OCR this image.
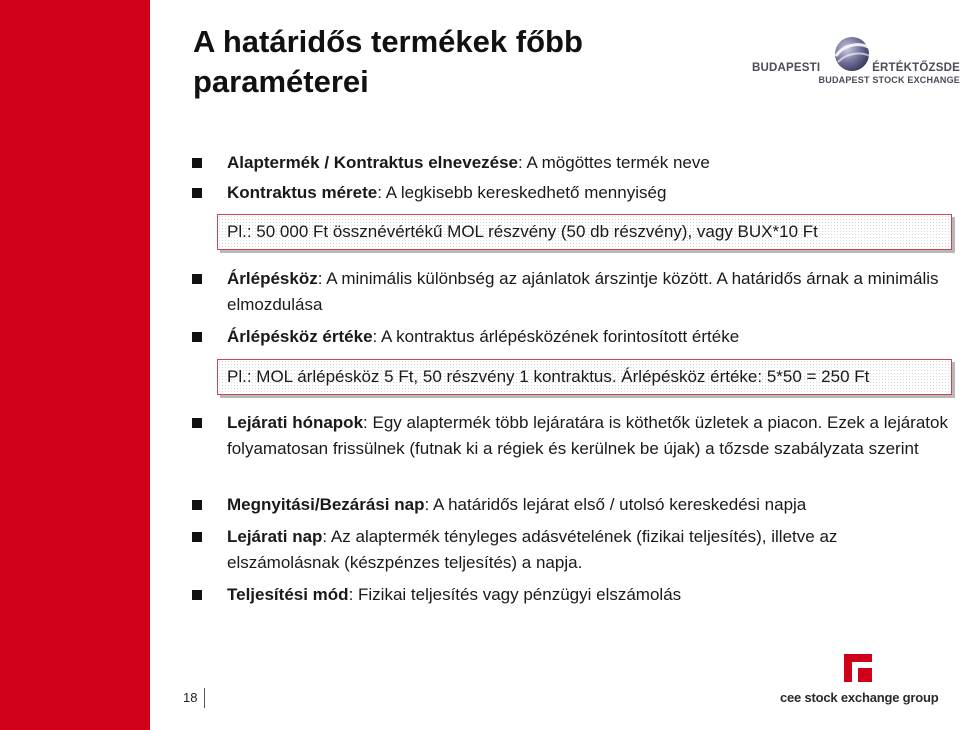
A határidős termékek főbb
paraméterei	BUDAPESTI	ÉRTÉKTŐZSDE
BUDAPEST STOCK EXCHANGE
Alaptermék / Kontraktus elnevezése: A mögöttes termék neve
Kontraktus mérete: A legkisebb kereskedhető mennyiség
Pl.: 50 000 Ft össznévértékű MOL részvény (50 db részvény), vagy BUX*10 Ft
Árlépésköz: A minimális különbség az ajánlatok árszintje között. A határidős árnak a minimális elmozdulása
Árlépésköz értéke: A kontraktus árlépésközének forintosított értéke
Pl.: MOL árlépésköz 5 Ft, 50 részvény 1 kontraktus. Árlépésköz értéke: 5*50 = 250 Ft
Lejárati hónapok: Egy alaptermék több lejáratára is köthetők üzletek a piacon. Ezek a lejáratok folyamatosan frissülnek (futnak ki a régiek és kerülnek be újak) a tőzsde szabályzata szerint
Megnyitási/Bezárási nap: A határidős lejárat első / utolsó kereskedési napja
Lejárati nap: Az alaptermék tényleges adásvételének (fizikai teljesítés), illetve az elszámolásnak (készpénzes teljesítés) a napja.
Teljesítési mód: Fizikai teljesítés vagy pénzügyi elszámolás
18	cee stock exchange group
